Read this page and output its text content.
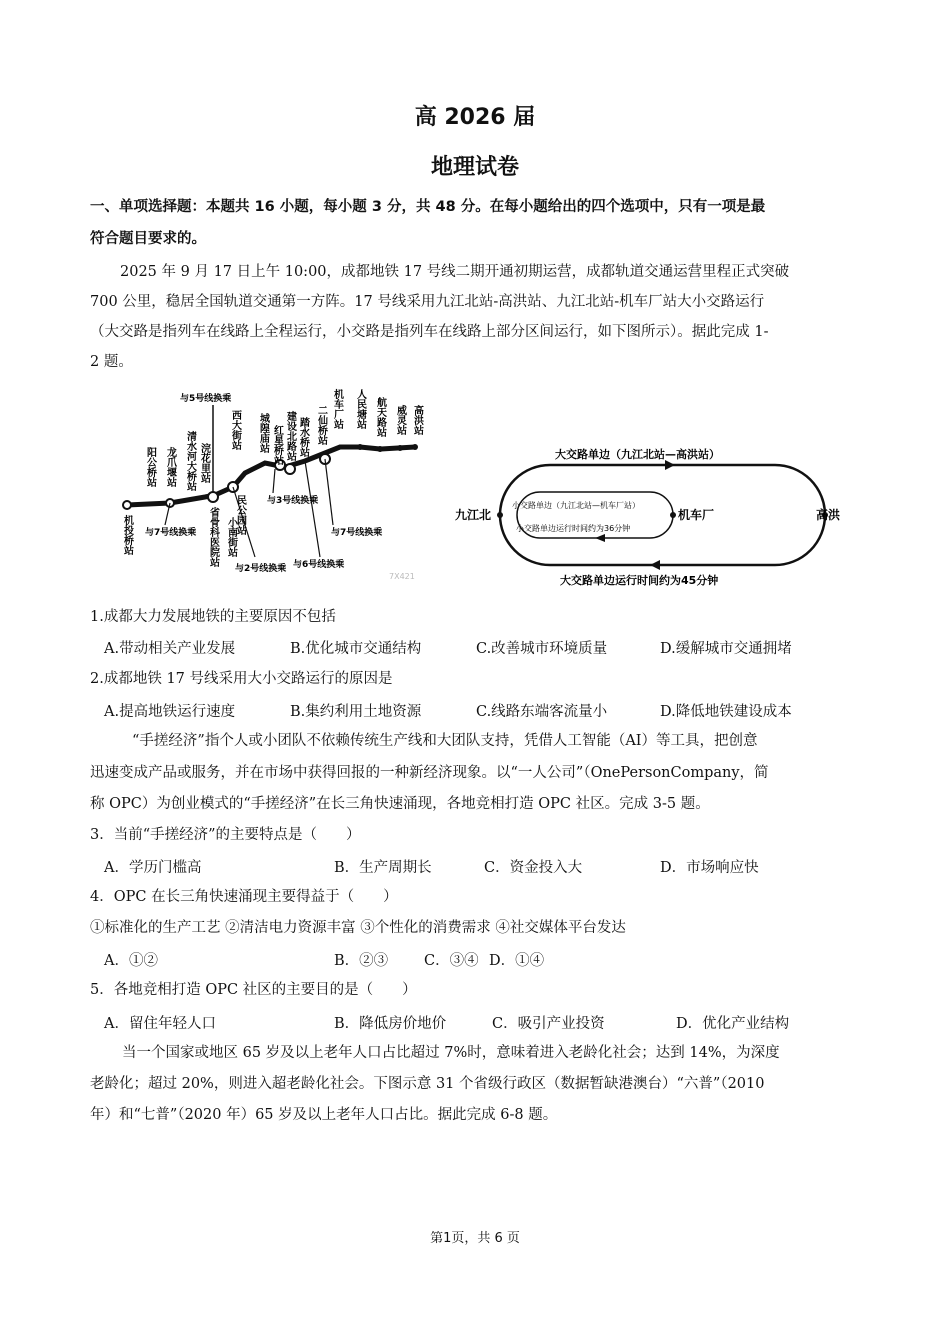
高 2026 届
地理试卷
一、单项选择题：本题共 16 小题，每小题 3 分，共 48 分。在每小题给出的四个选项中，只有一项是最
符合题目要求的。
2025 年 9 月 17 日上午 10:00，成都地铁 17 号线二期开通初期运营，成都轨道交通运营里程正式突破
700 公里，稳居全国轨道交通第一方阵。17 号线采用九江北站-高洪站、九江北站-机车厂站大小交路运行
（大交路是指列车在线路上全程运行，小交路是指列车在线路上部分区间运行，如下图所示）。据此完成 1-
2 题。
与5号线换乘
机投桥站
阳公桥站 龙爪堰站 清水河大桥站 浣花里站
省骨科医院站 民公园站
小南街站
西大街站 城隍庙站 红星桥站 建设北路站 踏水桥站 二仙桥站 机车厂站 人民塘站 航天路站 威灵站 高洪站
与7号线换乘
与2号线换乘
与3号线换乘
与6号线换乘
与7号线换乘
7X421
九江北	机车厂	高洪
大交路单边（九江北站—高洪站）
小交路单边（九江北站—机车厂站）
小交路单边运行时间约为36分钟
大交路单边运行时间约为45分钟
1.成都大力发展地铁的主要原因不包括
A.带动相关产业发展	B.优化城市交通结构	C.改善城市环境质量	D.缓解城市交通拥堵
2.成都地铁 17 号线采用大小交路运行的原因是
A.提高地铁运行速度	B.集约利用土地资源	C.线路东端客流量小	D.降低地铁建设成本
“手搓经济”指个人或小团队不依赖传统生产线和大团队支持，凭借人工智能（AI）等工具，把创意
迅速变成产品或服务，并在市场中获得回报的一种新经济现象。以“一人公司”（OnePersonCompany，简
称 OPC）为创业模式的“手搓经济”在长三角快速涌现，各地竞相打造 OPC 社区。完成 3-5 题。
3．当前“手搓经济”的主要特点是（　　）
A．学历门槛高	B．生产周期长	C．资金投入大	D．市场响应快
4．OPC 在长三角快速涌现主要得益于（　　）
①标准化的生产工艺 ②清洁电力资源丰富 ③个性化的消费需求 ④社交媒体平台发达
A．①②	B．②③ C．③④ D．①④
5．各地竞相打造 OPC 社区的主要目的是（　　）
A．留住年轻人口	B．降低房价地价	C．吸引产业投资	D．优化产业结构
当一个国家或地区 65 岁及以上老年人口占比超过 7%时，意味着进入老龄化社会；达到 14%，为深度
老龄化；超过 20%，则进入超老龄化社会。下图示意 31 个省级行政区（数据暂缺港澳台）“六普”（2010
年）和“七普”（2020 年）65 岁及以上老年人口占比。据此完成 6-8 题。
第1页，共 6 页
